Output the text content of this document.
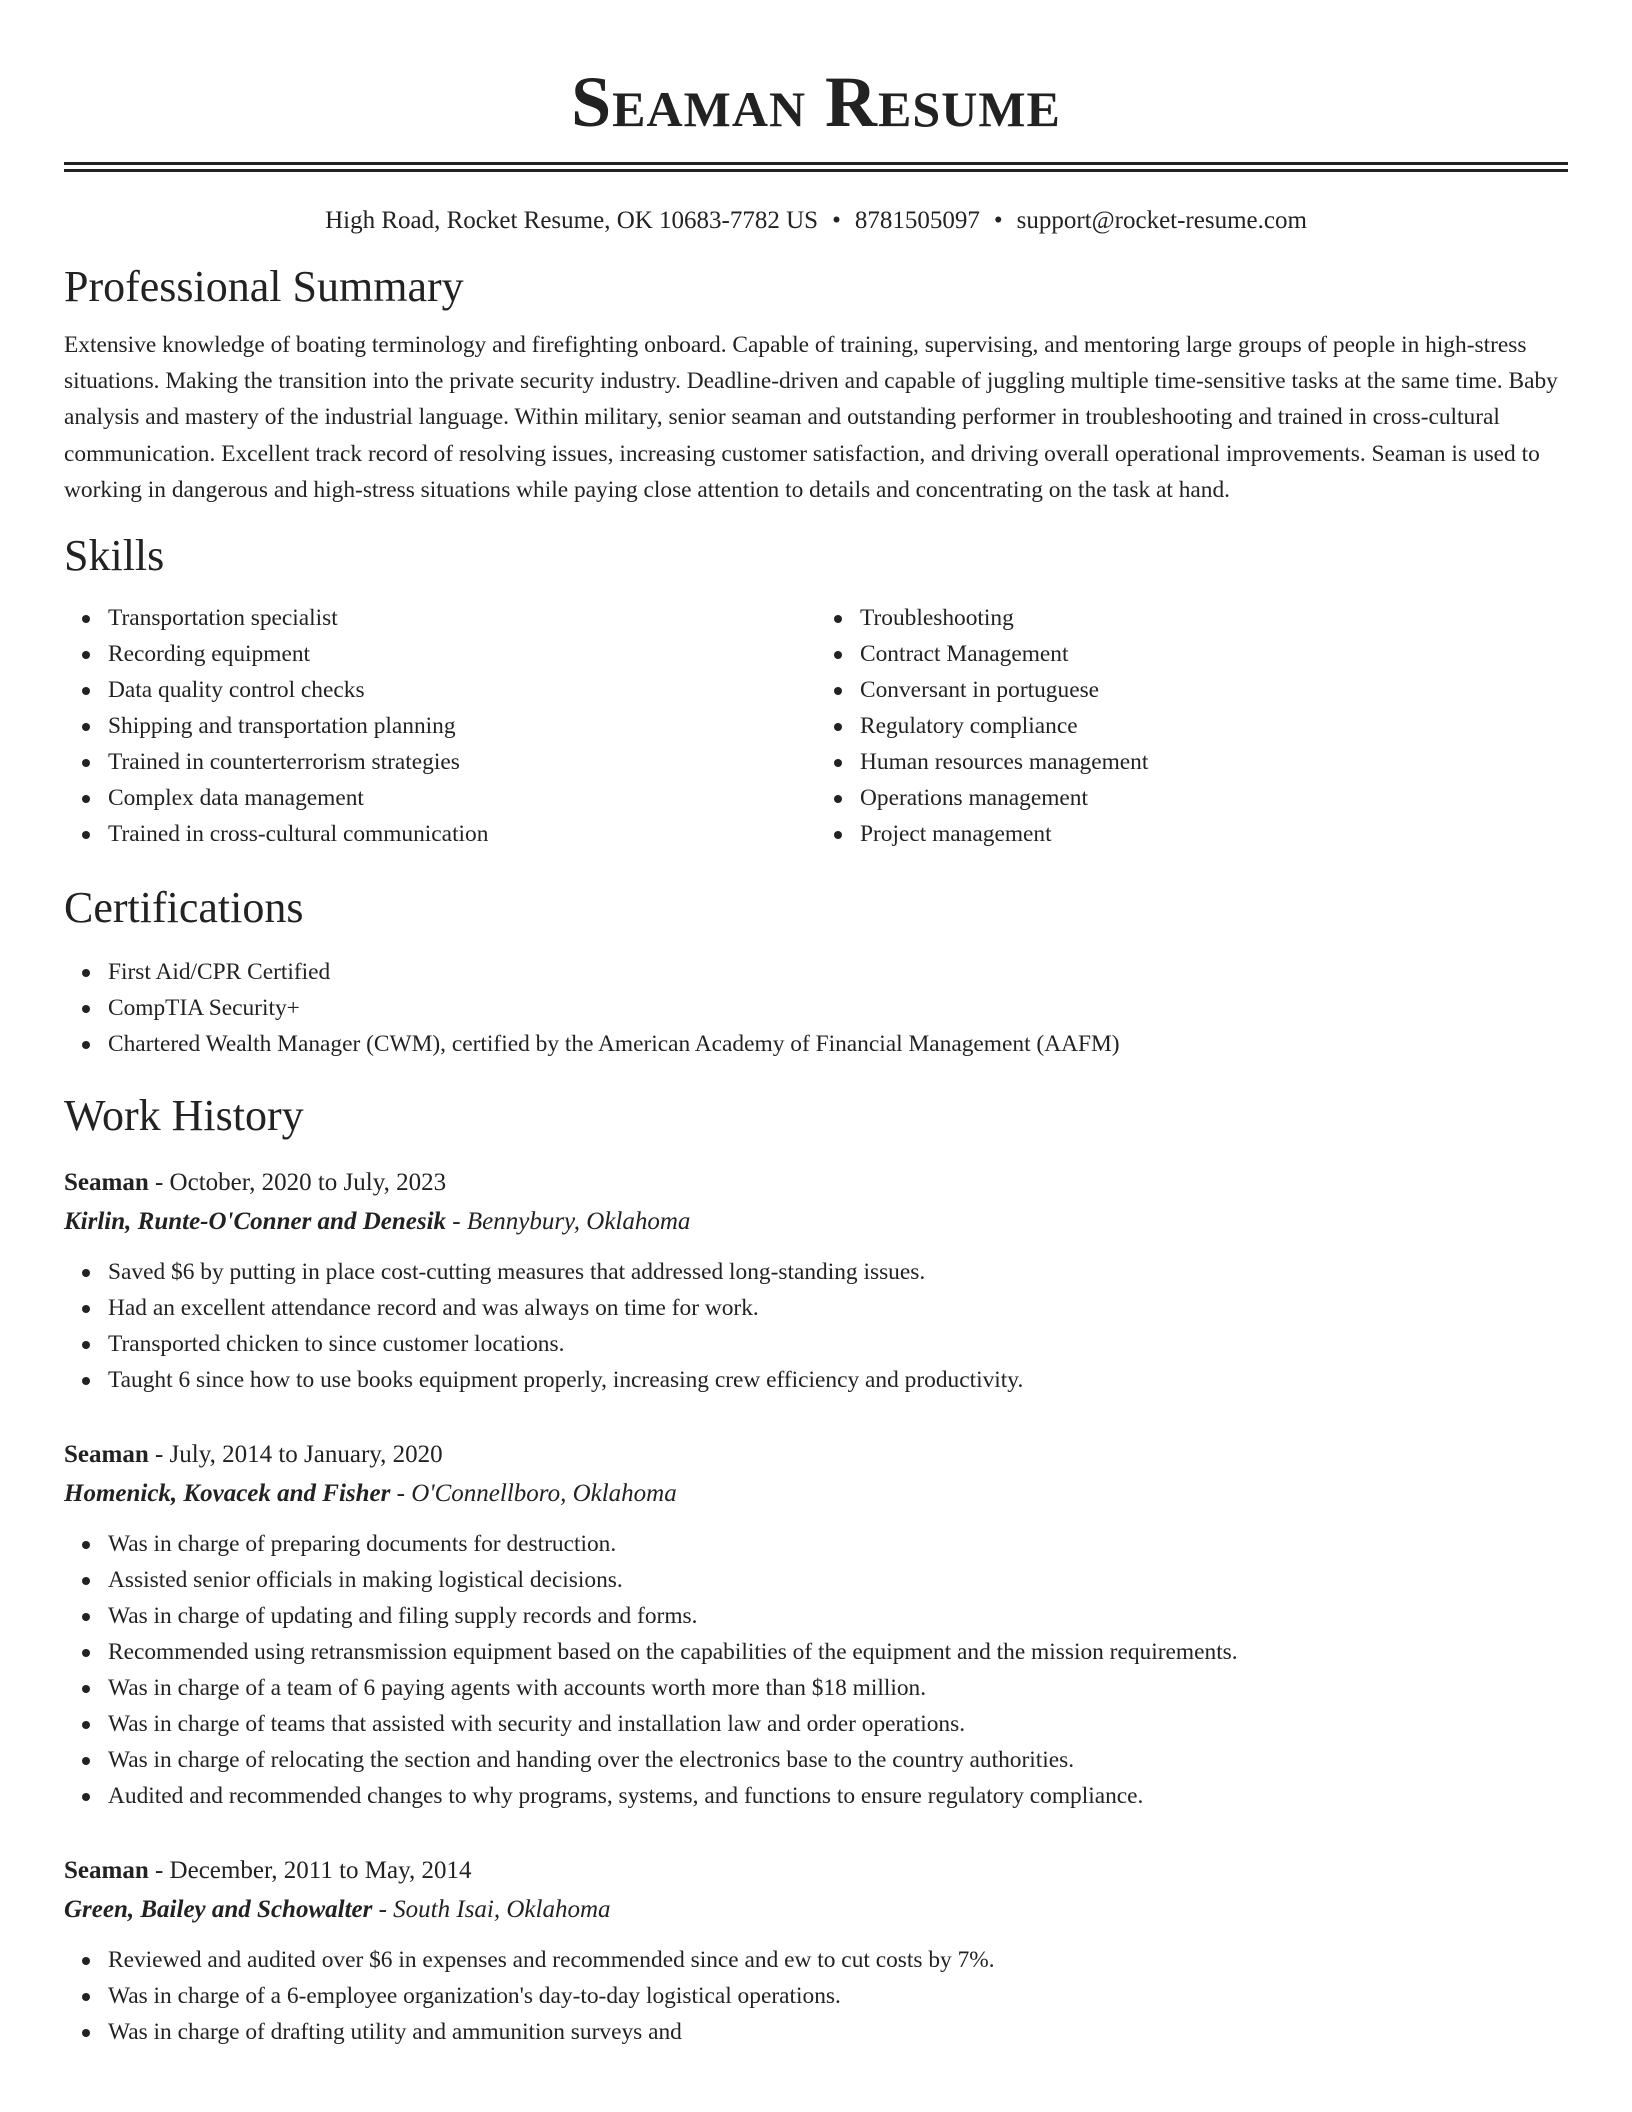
Seaman Resume
High Road, Rocket Resume, OK 10683-7782 US • 8781505097 • support@rocket-resume.com
Professional Summary

Extensive knowledge of boating terminology and firefighting onboard. Capable of training, supervising, and mentoring large groups of people in high-stress situations. Making the transition into the private security industry. Deadline-driven and capable of juggling multiple time-sensitive tasks at the same time. Baby analysis and mastery of the industrial language. Within military, senior seaman and outstanding performer in troubleshooting and trained in cross-cultural communication. Excellent track record of resolving issues, increasing customer satisfaction, and driving overall operational improvements. Seaman is used to working in dangerous and high-stress situations while paying close attention to details and concentrating on the task at hand.

Skills
Transportation specialist
Recording equipment
Data quality control checks
Shipping and transportation planning
Trained in counterterrorism strategies
Complex data management
Trained in cross-cultural communication
Troubleshooting
Contract Management
Conversant in portuguese
Regulatory compliance
Human resources management
Operations management
Project management
Certifications
First Aid/CPR Certified
CompTIA Security+
Chartered Wealth Manager (CWM), certified by the American Academy of Financial Management (AAFM)
Work History
Seaman - October, 2020 to July, 2023
Kirlin, Runte-O'Conner and Denesik - Bennybury, Oklahoma
Saved $6 by putting in place cost-cutting measures that addressed long-standing issues.
Had an excellent attendance record and was always on time for work.
Transported chicken to since customer locations.
Taught 6 since how to use books equipment properly, increasing crew efficiency and productivity.
Seaman - July, 2014 to January, 2020
Homenick, Kovacek and Fisher - O'Connellboro, Oklahoma
Was in charge of preparing documents for destruction.
Assisted senior officials in making logistical decisions.
Was in charge of updating and filing supply records and forms.
Recommended using retransmission equipment based on the capabilities of the equipment and the mission requirements.
Was in charge of a team of 6 paying agents with accounts worth more than $18 million.
Was in charge of teams that assisted with security and installation law and order operations.
Was in charge of relocating the section and handing over the electronics base to the country authorities.
Audited and recommended changes to why programs, systems, and functions to ensure regulatory compliance.
Seaman - December, 2011 to May, 2014
Green, Bailey and Schowalter - South Isai, Oklahoma
Reviewed and audited over $6 in expenses and recommended since and ew to cut costs by 7%.
Was in charge of a 6-employee organization's day-to-day logistical operations.
Was in charge of drafting utility and ammunition surveys and
